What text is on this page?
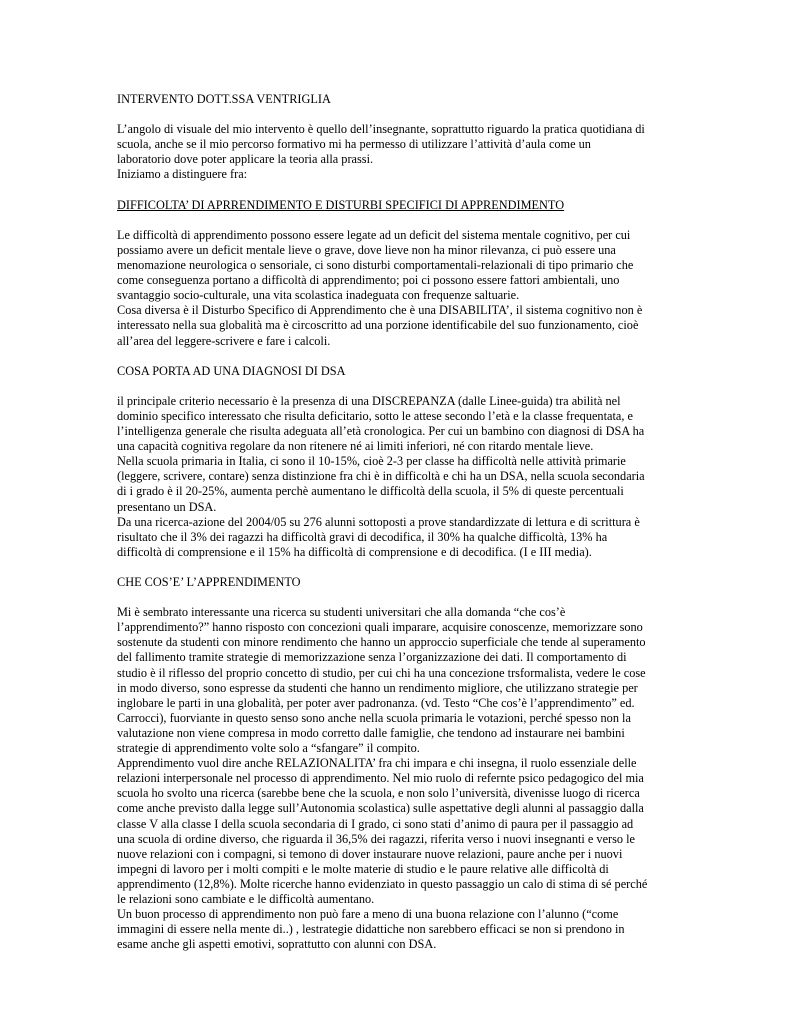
INTERVENTO DOTT.SSA VENTRIGLIA

L’angolo di visuale del mio intervento è quello dell’insegnante, soprattutto riguardo la pratica quotidiana di
scuola, anche se il mio percorso formativo mi ha permesso di utilizzare l’attività d’aula come un
laboratorio dove poter applicare la teoria alla prassi.
Iniziamo a distinguere fra:

DIFFICOLTA’ DI APRRENDIMENTO E DISTURBI SPECIFICI DI APPRENDIMENTO

Le difficoltà di apprendimento possono essere legate ad un deficit del sistema mentale cognitivo, per cui
possiamo avere un deficit mentale lieve o grave, dove lieve non ha minor rilevanza, ci può essere una
menomazione neurologica o sensoriale, ci sono disturbi comportamentali-relazionali di tipo primario che
come conseguenza portano a difficoltà di apprendimento; poi ci possono essere fattori ambientali, uno
svantaggio socio-culturale, una vita scolastica inadeguata con frequenze saltuarie.
Cosa diversa è il Disturbo Specifico di Apprendimento che è una DISABILITA’, il sistema cognitivo non è
interessato nella sua globalità ma è circoscritto ad una porzione identificabile del suo funzionamento, cioè
all’area del leggere-scrivere e fare i calcoli.

COSA PORTA AD UNA DIAGNOSI DI DSA

il principale criterio necessario è la presenza di una DISCREPANZA (dalle Linee-guida) tra abilità nel
dominio specifico interessato che risulta deficitario, sotto le attese secondo l’età e la classe frequentata, e
l’intelligenza generale che risulta adeguata all’età cronologica. Per cui un bambino con diagnosi di DSA ha
una capacità cognitiva regolare da non ritenere né ai limiti inferiori, né con ritardo mentale lieve.
Nella scuola primaria in Italia, ci sono il 10-15%, cioè 2-3 per classe ha difficoltà nelle attività primarie
(leggere, scrivere, contare) senza distinzione fra chi è in difficoltà e chi ha un DSA, nella scuola secondaria
di i grado è il 20-25%, aumenta perchè aumentano le difficoltà della scuola, il 5% di queste percentuali
presentano un DSA.
Da una ricerca-azione del 2004/05 su 276 alunni sottoposti a prove standardizzate di lettura e di scrittura è
risultato che il 3% dei ragazzi ha difficoltà gravi di decodifica, il 30% ha qualche difficoltà, 13% ha
difficoltà di comprensione e il 15% ha difficoltà di comprensione e di decodifica. (I e III media).

CHE COS’E’ L’APPRENDIMENTO

Mi è sembrato interessante una ricerca su studenti universitari che alla domanda “che cos’è
l’apprendimento?” hanno risposto con concezioni quali imparare, acquisire conoscenze, memorizzare sono
sostenute da studenti con minore rendimento che hanno un approccio superficiale che tende al superamento
del fallimento tramite strategie di memorizzazione senza l’organizzazione dei dati. Il comportamento di
studio è il riflesso del proprio concetto di studio, per cui chi ha una concezione trsformalista, vedere le cose
in modo diverso, sono espresse da studenti che hanno un rendimento migliore, che utilizzano strategie per
inglobare le parti in una globalità, per poter aver padronanza. (vd. Testo “Che cos’è l’apprendimento” ed.
Carrocci), fuorviante in questo senso sono anche nella scuola primaria le votazioni, perché spesso non la
valutazione non viene compresa in modo corretto dalle famiglie, che tendono ad instaurare nei bambini
strategie di apprendimento volte solo a “sfangare” il compito.
Apprendimento vuol dire anche RELAZIONALITA’ fra chi impara e chi insegna, il ruolo essenziale delle
relazioni interpersonale nel processo di apprendimento. Nel mio ruolo di refernte psico pedagogico del mia
scuola ho svolto una ricerca (sarebbe bene che la scuola, e non solo l’università, divenisse luogo di ricerca
come anche previsto dalla legge sull’Autonomia scolastica) sulle aspettative degli alunni al passaggio dalla
classe V alla classe I della scuola secondaria di I grado, ci sono stati d’animo di paura per il passaggio ad
una scuola di ordine diverso, che riguarda il 36,5% dei ragazzi, riferita verso i nuovi insegnanti e verso le
nuove relazioni con i compagni, si temono di dover instaurare nuove relazioni, paure anche per i nuovi
impegni di lavoro per i molti compiti e le molte materie di studio e le paure relative alle difficoltà di
apprendimento (12,8%). Molte ricerche hanno evidenziato in questo passaggio un calo di stima di sé perché
le relazioni sono cambiate e le difficoltà aumentano.
Un buon processo di apprendimento non può fare a meno di una buona relazione con l’alunno (“come
immagini di essere nella mente di..) , lestrategie didattiche non sarebbero efficaci se non si prendono in
esame anche gli aspetti emotivi, soprattutto con alunni con DSA.
